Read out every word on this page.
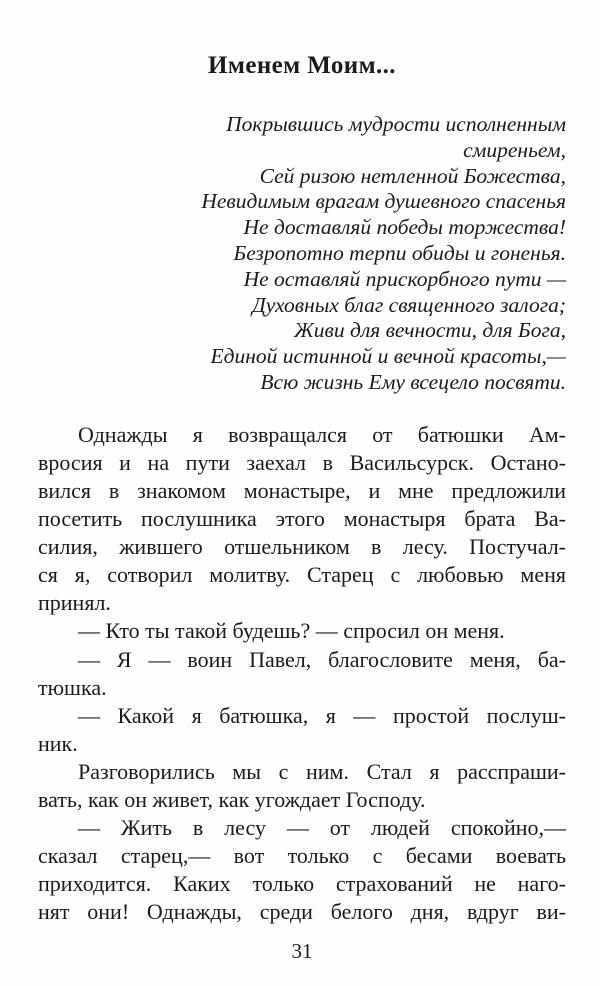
Именем Моим...
Покрывшись мудрости исполненным
смиреньем,
Сей ризою нетленной Божества,
Невидимым врагам душевного спасенья
Не доставляй победы торжества!
Безропотно терпи обиды и гоненья.
Не оставляй прискорбного пути —
Духовных благ священного залога;
Живи для вечности, для Бога,
Единой истинной и вечной красоты,—
Всю жизнь Ему всецело посвяти.

Однажды я возвращался от батюшки Ам-
вросия и на пути заехал в Васильсурск. Остано-
вился в знакомом монастыре, и мне предложили
посетить послушника этого монастыря брата Ва-
силия, жившего отшельником в лесу. Постучал-
ся я, сотворил молитву. Старец с любовью меня
принял.

— Кто ты такой будешь? — спросил он меня.

— Я — воин Павел, благословите меня, ба-
тюшка.

— Какой я батюшка, я — простой послуш-
ник.

Разговорились мы с ним. Стал я расспраши-
вать, как он живет, как угождает Господу.

— Жить в лесу — от людей спокойно,—
сказал старец,— вот только с бесами воевать
приходится. Каких только страхований не наго-
нят они! Однажды, среди белого дня, вдруг ви-

31
